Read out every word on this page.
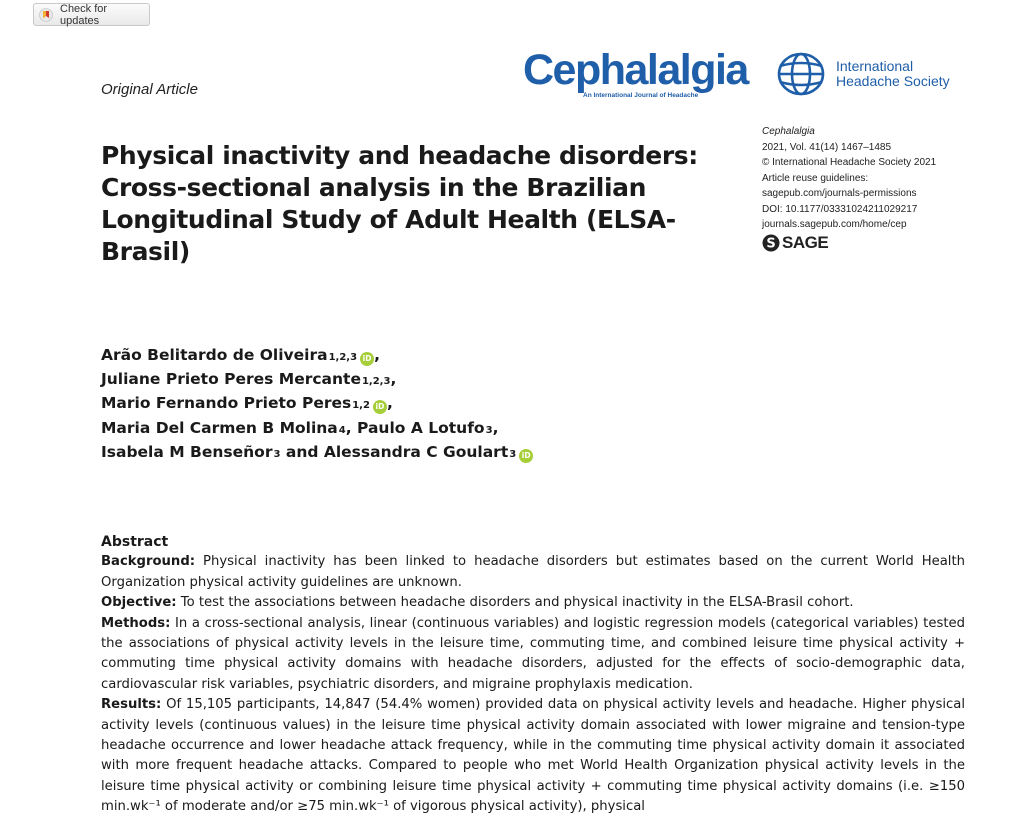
Check for updates
Original Article	Cephalalgia
An International Journal of Headache
International
Headache Society
Physical inactivity and headache disorders: Cross-sectional analysis in the Brazilian Longitudinal Study of Adult Health (ELSA-Brasil)
Cephalalgia
2021, Vol. 41(14) 1467–1485
© International Headache Society 2021
Article reuse guidelines:
sagepub.com/journals-permissions
DOI: 10.1177/03331024211029217
journals.sagepub.com/home/cep
S SAGE
Arão Belitardo de Oliveira 1,2,3 iD ,
Juliane Prieto Peres Mercante 1,2,3 ,
Mario Fernando Prieto Peres 1,2 iD ,
Maria Del Carmen B Molina 4 ,
Paulo A Lotufo 3 ,
Isabela M Benseñor 3
and
Alessandra C Goulart 3 iD
Abstract

Background: Physical inactivity has been linked to headache disorders but estimates based on the current World Health Organization physical activity guidelines are unknown.

Objective: To test the associations between headache disorders and physical inactivity in the ELSA-Brasil cohort.

Methods: In a cross-sectional analysis, linear (continuous variables) and logistic regression models (categorical variables) tested the associations of physical activity levels in the leisure time, commuting time, and combined leisure time physical activity + commuting time physical activity domains with headache disorders, adjusted for the effects of socio-demographic data, cardiovascular risk variables, psychiatric disorders, and migraine prophylaxis medication.

Results: Of 15,105 participants, 14,847 (54.4% women) provided data on physical activity levels and headache. Higher physical activity levels (continuous values) in the leisure time physical activity domain associated with lower migraine and tension-type headache occurrence and lower headache attack frequency, while in the commuting time physical activity domain it associated with more frequent headache attacks. Compared to people who met World Health Organization physical activity levels in the leisure time physical activity or combining leisure time physical activity + commuting time physical activity domains (i.e. ≥150 min.wk⁻¹ of moderate and/or ≥75 min.wk⁻¹ of vigorous physical activity), physical
